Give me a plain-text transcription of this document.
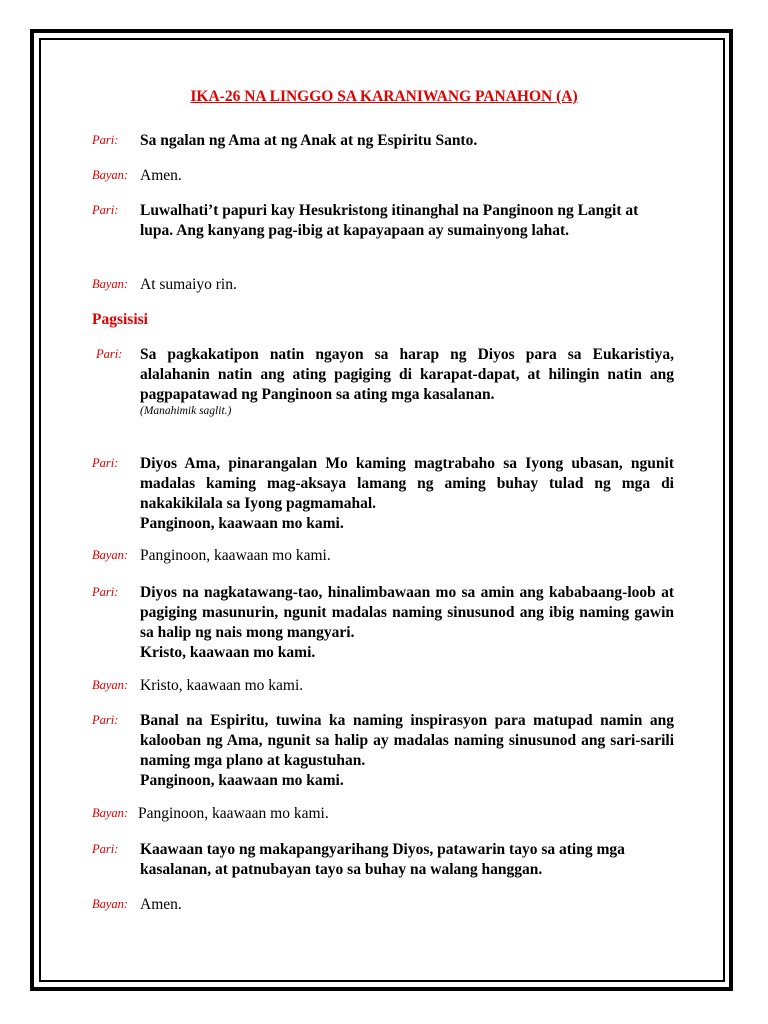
IKA-26 NA LINGGO SA KARANIWANG PANAHON (A)
Pari: Sa ngalan ng Ama at ng Anak at ng Espiritu Santo.
Bayan: Amen.
Pari: Luwalhati’t papuri kay Hesukristong itinanghal na Panginoon ng Langit at lupa. Ang kanyang pag-ibig at kapayapaan ay sumainyong lahat.
Bayan: At sumaiyo rin.
Pagsisisi
Pari: Sa pagkakatipon natin ngayon sa harap ng Diyos para sa Eukaristiya, alalahanin natin ang ating pagiging di karapat-dapat, at hilingin natin ang pagpapatawad ng Panginoon sa ating mga kasalanan.
(Manahimik saglit.)
Pari: Diyos Ama, pinarangalan Mo kaming magtrabaho sa Iyong ubasan, ngunit madalas kaming mag-aksaya lamang ng aming buhay tulad ng mga di nakakikilala sa Iyong pagmamahal.
Panginoon, kaawaan mo kami.
Bayan: Panginoon, kaawaan mo kami.
Pari: Diyos na nagkatawang-tao, hinalimbawaan mo sa amin ang kababaang-loob at pagiging masunurin, ngunit madalas naming sinusunod ang ibig naming gawin sa halip ng nais mong mangyari.
Kristo, kaawaan mo kami.
Bayan: Kristo, kaawaan mo kami.
Pari: Banal na Espiritu, tuwina ka naming inspirasyon para matupad namin ang kalooban ng Ama, ngunit sa halip ay madalas naming sinusunod ang sari-sarili naming mga plano at kagustuhan.
Panginoon, kaawaan mo kami.
Bayan: Panginoon, kaawaan mo kami.
Pari: Kaawaan tayo ng makapangyarihang Diyos, patawarin tayo sa ating mga kasalanan, at patnubayan tayo sa buhay na walang hanggan.
Bayan: Amen.
